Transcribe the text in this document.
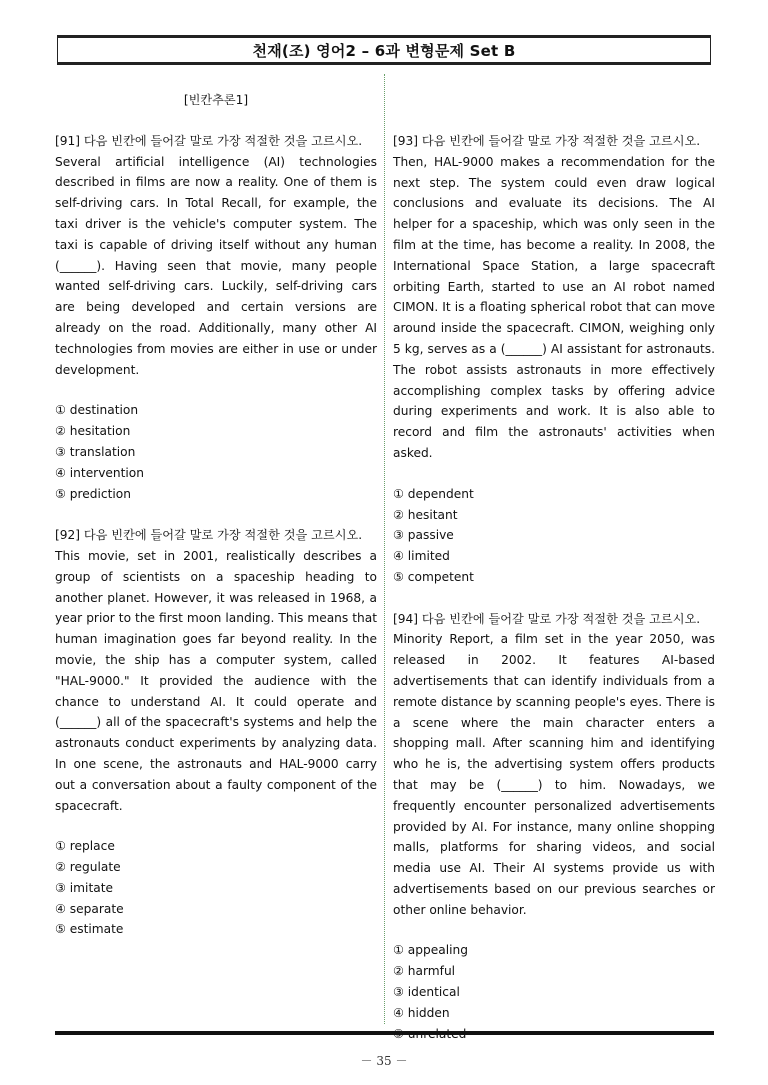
천재(조) 영어2 – 6과 변형문제 Set B
[빈칸추론1]

[91] 다음 빈칸에 들어갈 말로 가장 적절한 것을 고르시오.

Several artificial intelligence (AI) technologies described in films are now a reality. One of them is self-driving cars. In Total Recall, for example, the taxi driver is the vehicle's computer system. The taxi is capable of driving itself without any human (______). Having seen that movie, many people wanted self-driving cars. Luckily, self-driving cars are being developed and certain versions are already on the road. Additionally, many other AI technologies from movies are either in use or under development.

① destination
② hesitation
③ translation
④ intervention
⑤ prediction

[92] 다음 빈칸에 들어갈 말로 가장 적절한 것을 고르시오.

This movie, set in 2001, realistically describes a group of scientists on a spaceship heading to another planet. However, it was released in 1968, a year prior to the first moon landing. This means that human imagination goes far beyond reality. In the movie, the ship has a computer system, called "HAL-9000." It provided the audience with the chance to understand AI. It could operate and (______) all of the spacecraft's systems and help the astronauts conduct experiments by analyzing data. In one scene, the astronauts and HAL-9000 carry out a conversation about a faulty component of the spacecraft.

① replace
② regulate
③ imitate
④ separate
⑤ estimate

[93] 다음 빈칸에 들어갈 말로 가장 적절한 것을 고르시오.

Then, HAL-9000 makes a recommendation for the next step. The system could even draw logical conclusions and evaluate its decisions. The AI helper for a spaceship, which was only seen in the film at the time, has become a reality. In 2008, the International Space Station, a large spacecraft orbiting Earth, started to use an AI robot named CIMON. It is a floating spherical robot that can move around inside the spacecraft. CIMON, weighing only 5 kg, serves as a (______) AI assistant for astronauts. The robot assists astronauts in more effectively accomplishing complex tasks by offering advice during experiments and work. It is also able to record and film the astronauts' activities when asked.

① dependent
② hesitant
③ passive
④ limited
⑤ competent

[94] 다음 빈칸에 들어갈 말로 가장 적절한 것을 고르시오.

Minority Report, a film set in the year 2050, was released in 2002. It features AI-based advertisements that can identify individuals from a remote distance by scanning people's eyes. There is a scene where the main character enters a shopping mall. After scanning him and identifying who he is, the advertising system offers products that may be (______) to him. Nowadays, we frequently encounter personalized advertisements provided by AI. For instance, many online shopping malls, platforms for sharing videos, and social media use AI. Their AI systems provide us with advertisements based on our previous searches or other online behavior.

① appealing
② harmful
③ identical
④ hidden
－ 35 －
